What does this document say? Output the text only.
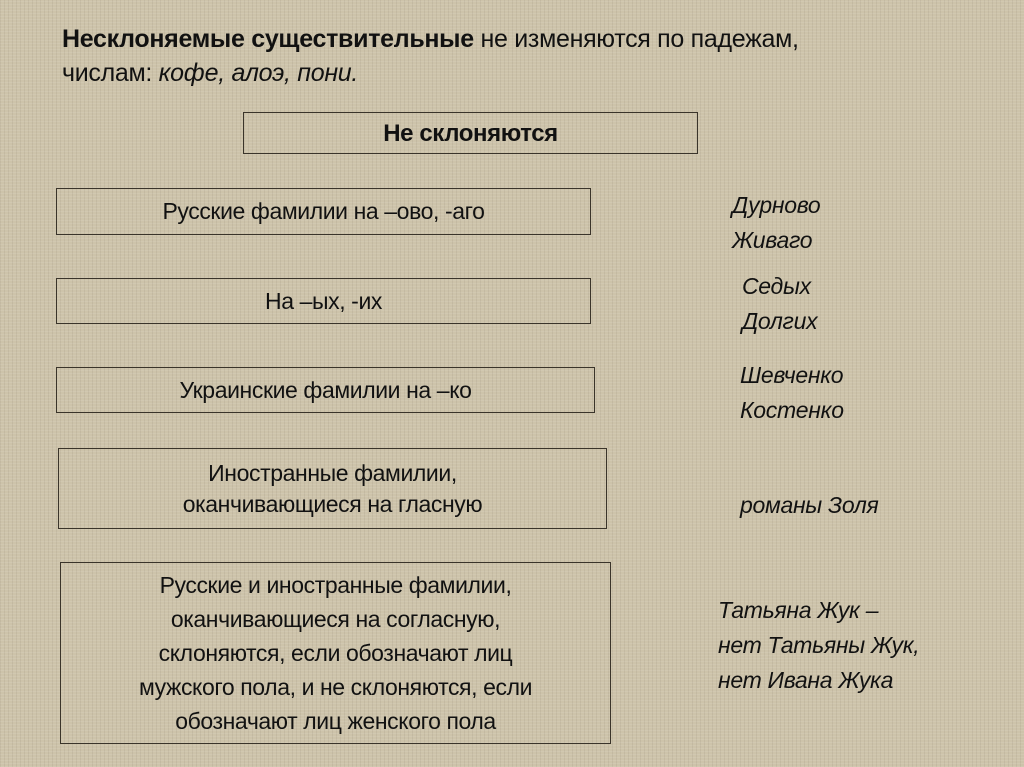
Несклоняемые существительные не изменяются по падежам,
числам: кофе, алоэ, пони.
Не склоняются
Русские фамилии на –ово, -аго	Дурново
Живаго
На –ых, -их
Седых
Долгих
Украинские фамилии на –ко
Шевченко
Костенко
Иностранные фамилии,
оканчивающиеся на гласную	романы Золя
Русские и иностранные фамилии,
оканчивающиеся на согласную,
склоняются, если обозначают лиц
мужского пола, и не склоняются, если
обозначают лиц женского пола
Татьяна Жук –
нет Татьяны Жук,
нет Ивана Жука
